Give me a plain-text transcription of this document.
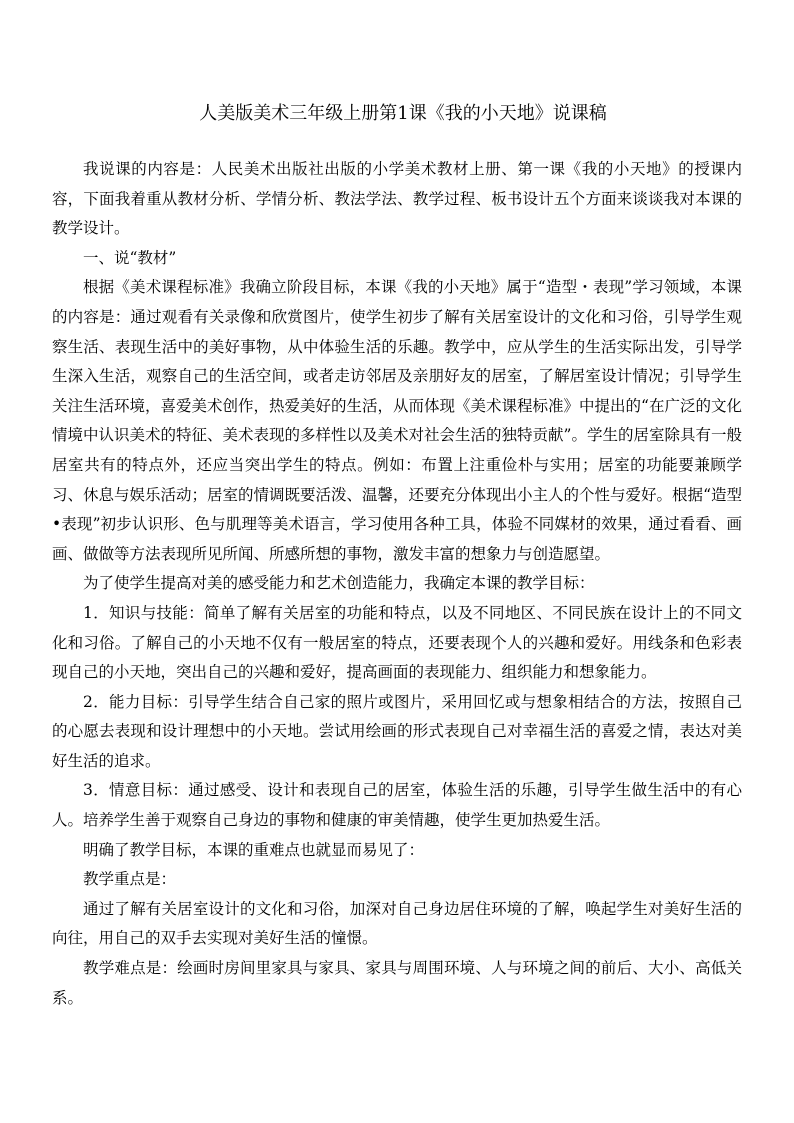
人美版美术三年级上册第1课《我的小天地》说课稿

我说课的内容是：人民美术出版社出版的小学美术教材上册、第一课《我的小天地》的授课内容，下面我着重从教材分析、学情分析、教法学法、教学过程、板书设计五个方面来谈谈我对本课的教学设计。

一、说“教材”

根据《美术课程标准》我确立阶段目标，本课《我的小天地》属于“造型・表现”学习领域，本课的内容是：通过观看有关录像和欣赏图片，使学生初步了解有关居室设计的文化和习俗，引导学生观察生活、表现生活中的美好事物，从中体验生活的乐趣。教学中，应从学生的生活实际出发，引导学生深入生活，观察自己的生活空间，或者走访邻居及亲朋好友的居室，了解居室设计情况；引导学生关注生活环境，喜爱美术创作，热爱美好的生活，从而体现《美术课程标准》中提出的“在广泛的文化情境中认识美术的特征、美术表现的多样性以及美术对社会生活的独特贡献”。学生的居室除具有一般居室共有的特点外，还应当突出学生的特点。例如：布置上注重俭朴与实用；居室的功能要兼顾学习、休息与娱乐活动；居室的情调既要活泼、温馨，还要充分体现出小主人的个性与爱好。根据“造型•表现”初步认识形、色与肌理等美术语言，学习使用各种工具，体验不同媒材的效果，通过看看、画画、做做等方法表现所见所闻、所感所想的事物，激发丰富的想象力与创造愿望。

为了使学生提高对美的感受能力和艺术创造能力，我确定本课的教学目标：

1．知识与技能：简单了解有关居室的功能和特点，以及不同地区、不同民族在设计上的不同文化和习俗。了解自己的小天地不仅有一般居室的特点，还要表现个人的兴趣和爱好。用线条和色彩表现自己的小天地，突出自己的兴趣和爱好，提高画面的表现能力、组织能力和想象能力。

2．能力目标：引导学生结合自己家的照片或图片，采用回忆或与想象相结合的方法，按照自己的心愿去表现和设计理想中的小天地。尝试用绘画的形式表现自己对幸福生活的喜爱之情，表达对美好生活的追求。

3．情意目标：通过感受、设计和表现自己的居室，体验生活的乐趣，引导学生做生活中的有心人。培养学生善于观察自己身边的事物和健康的审美情趣，使学生更加热爱生活。

明确了教学目标，本课的重难点也就显而易见了：

教学重点是：

通过了解有关居室设计的文化和习俗，加深对自己身边居住环境的了解，唤起学生对美好生活的向往，用自己的双手去实现对美好生活的憧憬。

教学难点是：绘画时房间里家具与家具、家具与周围环境、人与环境之间的前后、大小、高低关系。
